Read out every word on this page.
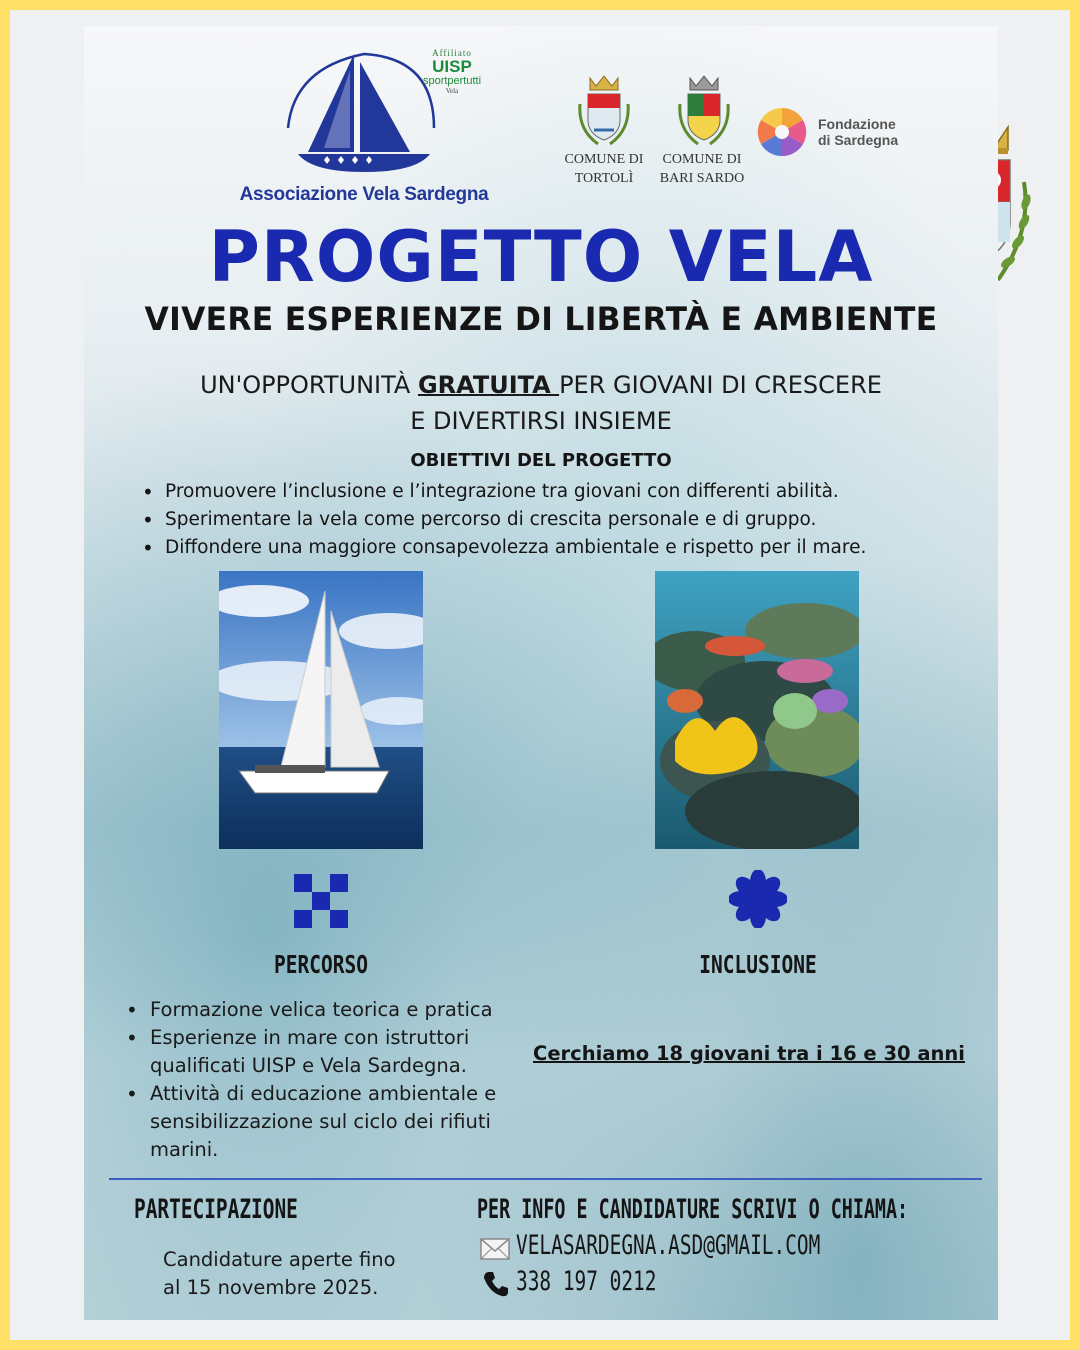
Associazione Vela Sardegna
Affiliato
UISP
sportpertutti
Vela
COMUNE DI
TORTOLÌ
COMUNE DI
BARI SARDO
Fondazione
di Sardegna
PROGETTO VELA
VIVERE ESPERIENZE DI LIBERTÀ E AMBIENTE
UN'OPPORTUNITÀ GRATUITA PER GIOVANI DI CRESCERE
E DIVERTIRSI INSIEME
OBIETTIVI DEL PROGETTO
• Promuovere l’inclusione e l’integrazione tra giovani con differenti abilità.
• Sperimentare la vela come percorso di crescita personale e di gruppo.
• Diffondere una maggiore consapevolezza ambientale e rispetto per il mare.
PERCORSO	INCLUSIONE
• Formazione velica teorica e pratica
• Esperienze in mare con istruttori qualificati UISP e Vela Sardegna.
• Attività di educazione ambientale e sensibilizzazione sul ciclo dei rifiuti marini.
Cerchiamo 18 giovani tra i 16 e 30 anni
PARTECIPAZIONE
Candidature aperte fino
al 15 novembre 2025.
PER INFO E CANDIDATURE SCRIVI O CHIAMA:
VELASARDEGNA.ASD@GMAIL.COM
338 197 0212
